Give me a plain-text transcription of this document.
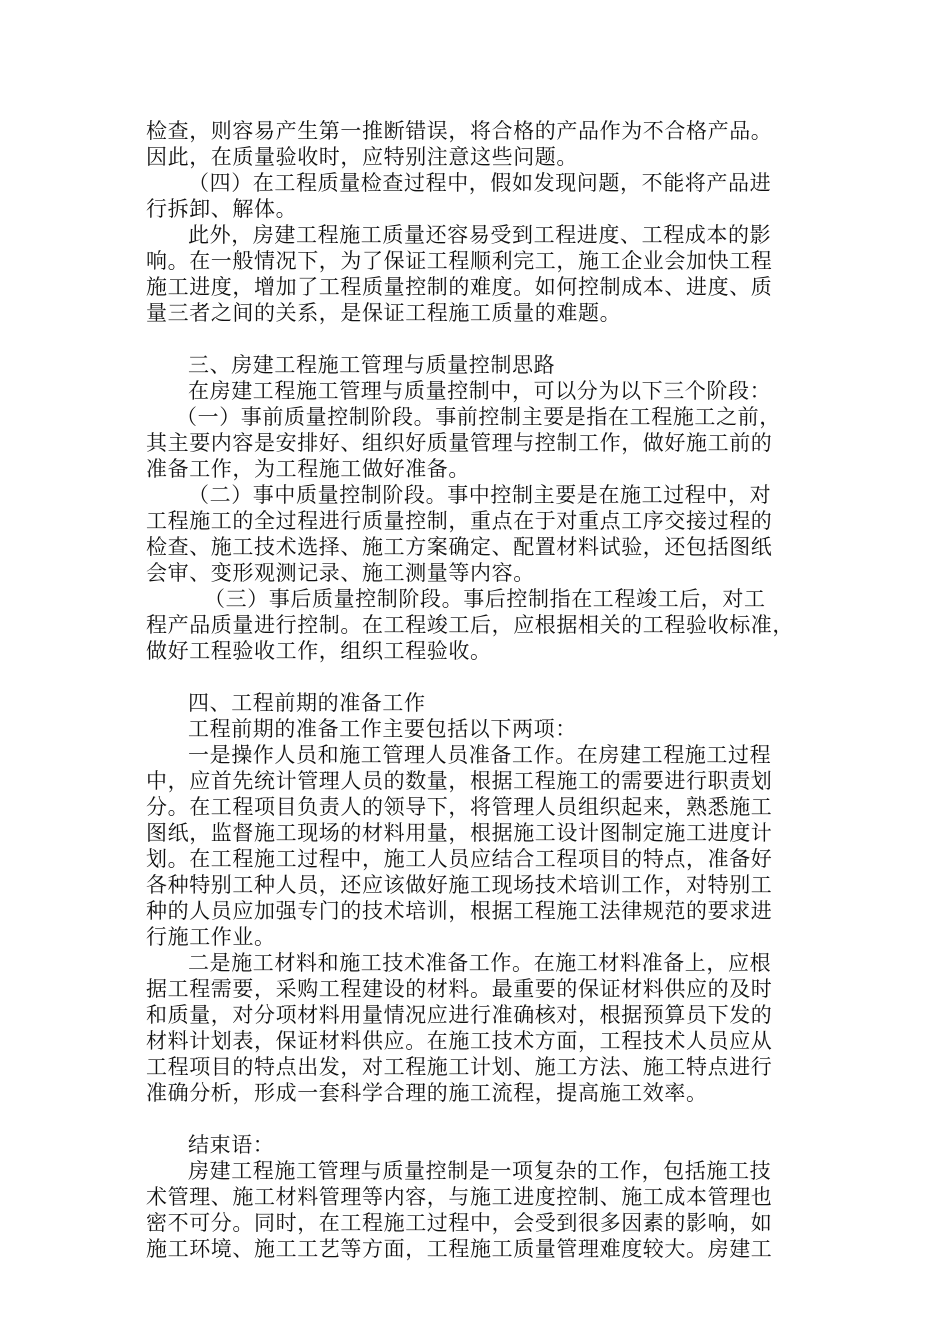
检查，则容易产生第一推断错误，将合格的产品作为不合格产品。
因此，在质量验收时，应特别注意这些问题。
（四）在工程质量检查过程中，假如发现问题，不能将产品进
行拆卸、解体。
此外，房建工程施工质量还容易受到工程进度、工程成本的影
响。在一般情况下，为了保证工程顺利完工，施工企业会加快工程
施工进度，增加了工程质量控制的难度。如何控制成本、进度、质
量三者之间的关系，是保证工程施工质量的难题。
三、房建工程施工管理与质量控制思路
在房建工程施工管理与质量控制中，可以分为以下三个阶段：
（一）事前质量控制阶段。事前控制主要是指在工程施工之前，
其主要内容是安排好、组织好质量管理与控制工作，做好施工前的
准备工作，为工程施工做好准备。
（二）事中质量控制阶段。事中控制主要是在施工过程中，对
工程施工的全过程进行质量控制，重点在于对重点工序交接过程的
检查、施工技术选择、施工方案确定、配置材料试验，还包括图纸
会审、变形观测记录、施工测量等内容。
（三）事后质量控制阶段。事后控制指在工程竣工后，对工
程产品质量进行控制。在工程竣工后，应根据相关的工程验收标准，
做好工程验收工作，组织工程验收。
四、工程前期的准备工作
工程前期的准备工作主要包括以下两项：
一是操作人员和施工管理人员准备工作。在房建工程施工过程
中，应首先统计管理人员的数量，根据工程施工的需要进行职责划
分。在工程项目负责人的领导下，将管理人员组织起来，熟悉施工
图纸，监督施工现场的材料用量，根据施工设计图制定施工进度计
划。在工程施工过程中，施工人员应结合工程项目的特点，准备好
各种特别工种人员，还应该做好施工现场技术培训工作，对特别工
种的人员应加强专门的技术培训，根据工程施工法律规范的要求进
行施工作业。
二是施工材料和施工技术准备工作。在施工材料准备上，应根
据工程需要，采购工程建设的材料。最重要的保证材料供应的及时
和质量，对分项材料用量情况应进行准确核对，根据预算员下发的
材料计划表，保证材料供应。在施工技术方面，工程技术人员应从
工程项目的特点出发，对工程施工计划、施工方法、施工特点进行
准确分析，形成一套科学合理的施工流程，提高施工效率。
结束语：
房建工程施工管理与质量控制是一项复杂的工作，包括施工技
术管理、施工材料管理等内容，与施工进度控制、施工成本管理也
密不可分。同时，在工程施工过程中，会受到很多因素的影响，如
施工环境、施工工艺等方面，工程施工质量管理难度较大。房建工
